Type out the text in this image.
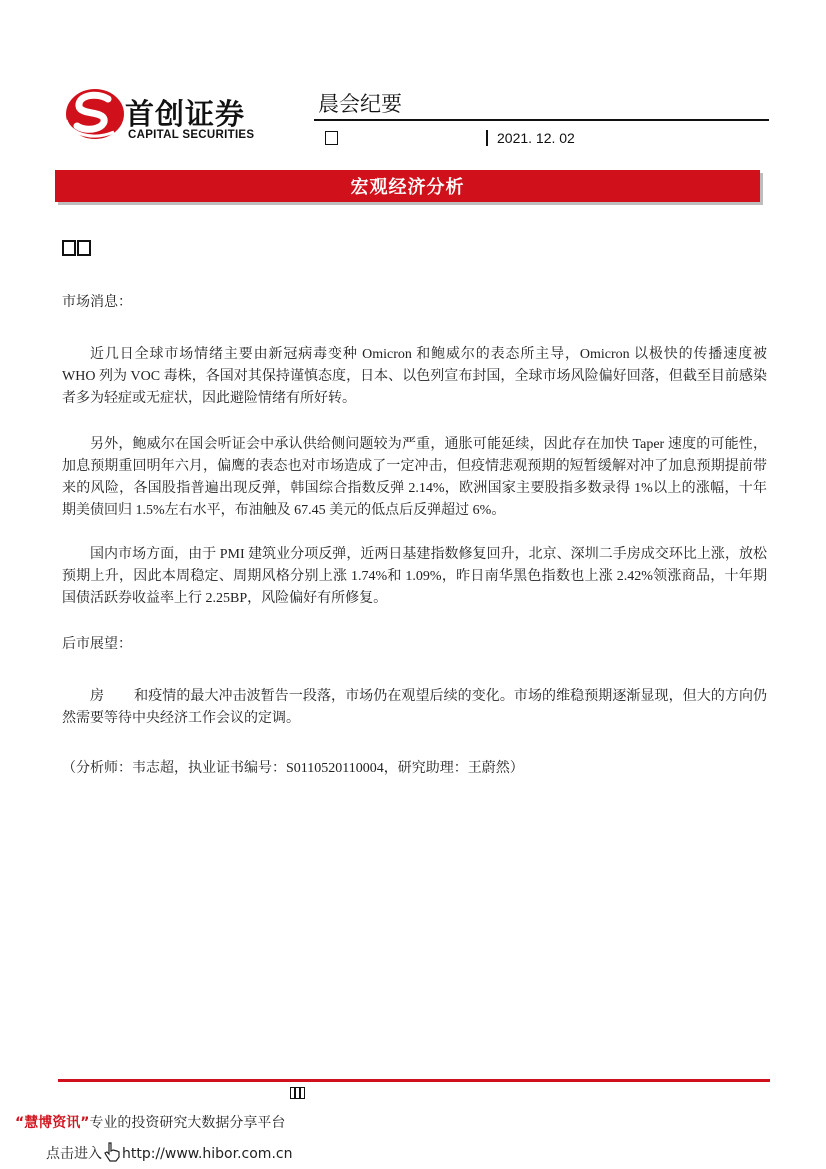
首创证券
CAPITAL SECURITIES
晨会纪要
2021. 12. 02
宏观经济分析
市场消息：
近几日全球市场情绪主要由新冠病毒变种 Omicron 和鲍威尔的表态所主导，Omicron 以极快的传播速度被 WHO 列为 VOC 毒株，各国对其保持谨慎态度，日本、以色列宣布封国，全球市场风险偏好回落，但截至目前感染者多为轻症或无症状，因此避险情绪有所好转。
另外，鲍威尔在国会听证会中承认供给侧问题较为严重，通胀可能延续，因此存在加快 Taper 速度的可能性，加息预期重回明年六月，偏鹰的表态也对市场造成了一定冲击，但疫情悲观预期的短暂缓解对冲了加息预期提前带来的风险，各国股指普遍出现反弹，韩国综合指数反弹 2.14%，欧洲国家主要股指多数录得 1%以上的涨幅，十年期美债回归 1.5%左右水平，布油触及 67.45 美元的低点后反弹超过 6%。
国内市场方面，由于 PMI 建筑业分项反弹，近两日基建指数修复回升，北京、深圳二手房成交环比上涨，放松预期上升，因此本周稳定、周期风格分别上涨 1.74%和 1.09%，昨日南华黑色指数也上涨 2.42%领涨商品，十年期国债活跃券收益率上行 2.25BP，风险偏好有所修复。
后市展望：
房 和疫情的最大冲击波暂告一段落，市场仍在观望后续的变化。市场的维稳预期逐渐显现，但大的方向仍然需要等待中央经济工作会议的定调。
（分析师：韦志超，执业证书编号：S0110520110004，研究助理：王蔚然）
“慧博资讯”专业的投资研究大数据分享平台
点击进入 http://www.hibor.com.cn
